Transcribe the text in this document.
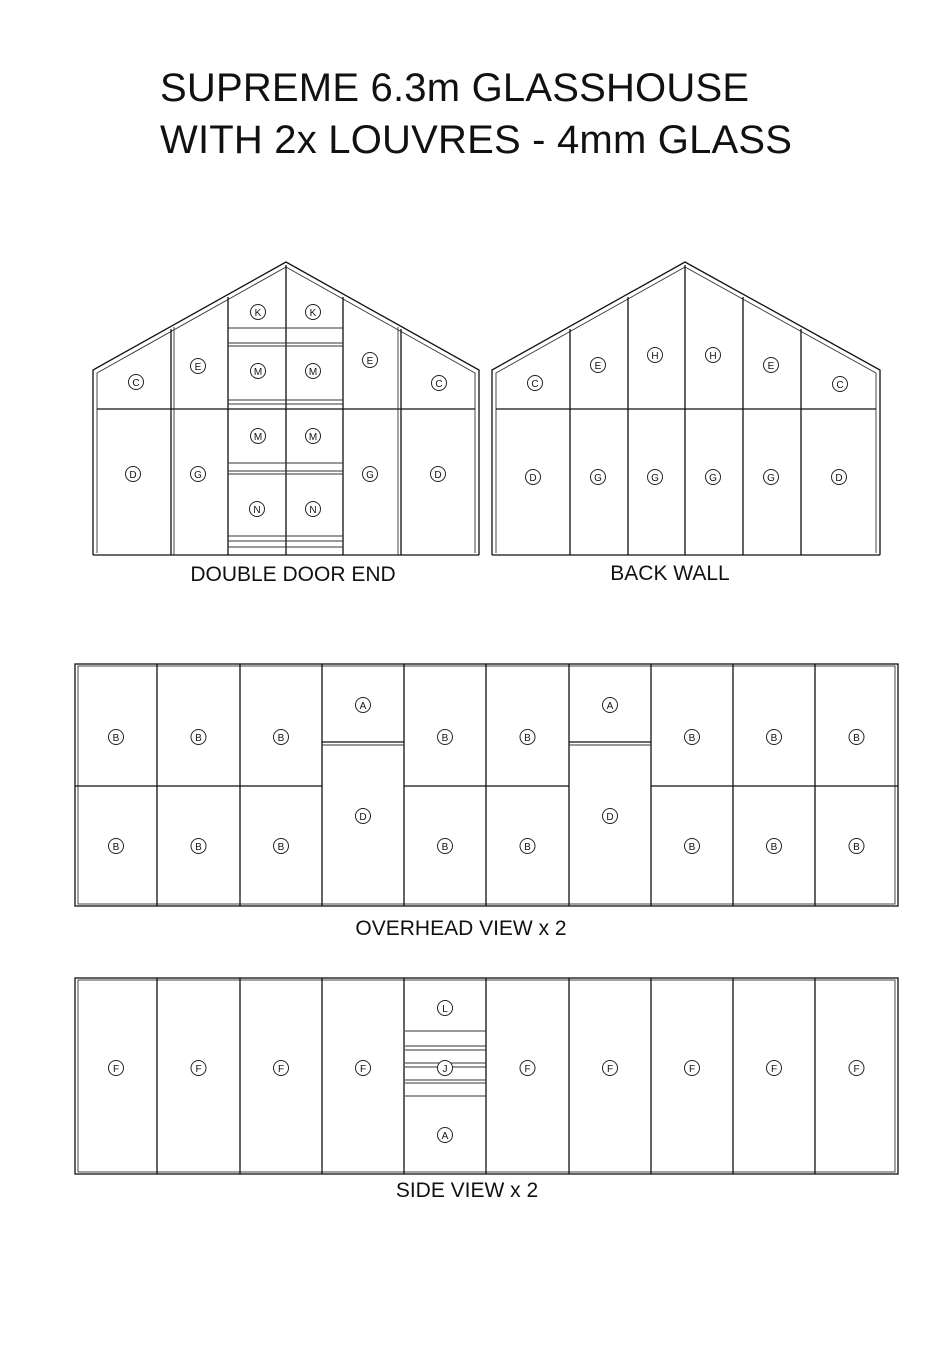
SUPREME 6.3m GLASSHOUSE
WITH 2x LOUVRES - 4mm GLASS
C
E
K	K
M	M
E
C
M	M
D	G	G	D
N	N
DOUBLE DOOR END
C
E
H	H
E
C
D	G	G	G	G	D
BACK WALL
B	B	B
A
B	B
A
B	B	B
B	B	B
D
B	B
D
B	B	B
OVERHEAD VIEW x 2
F	F	F	F	F	F	F	F	F
L
J
A
SIDE VIEW x 2
